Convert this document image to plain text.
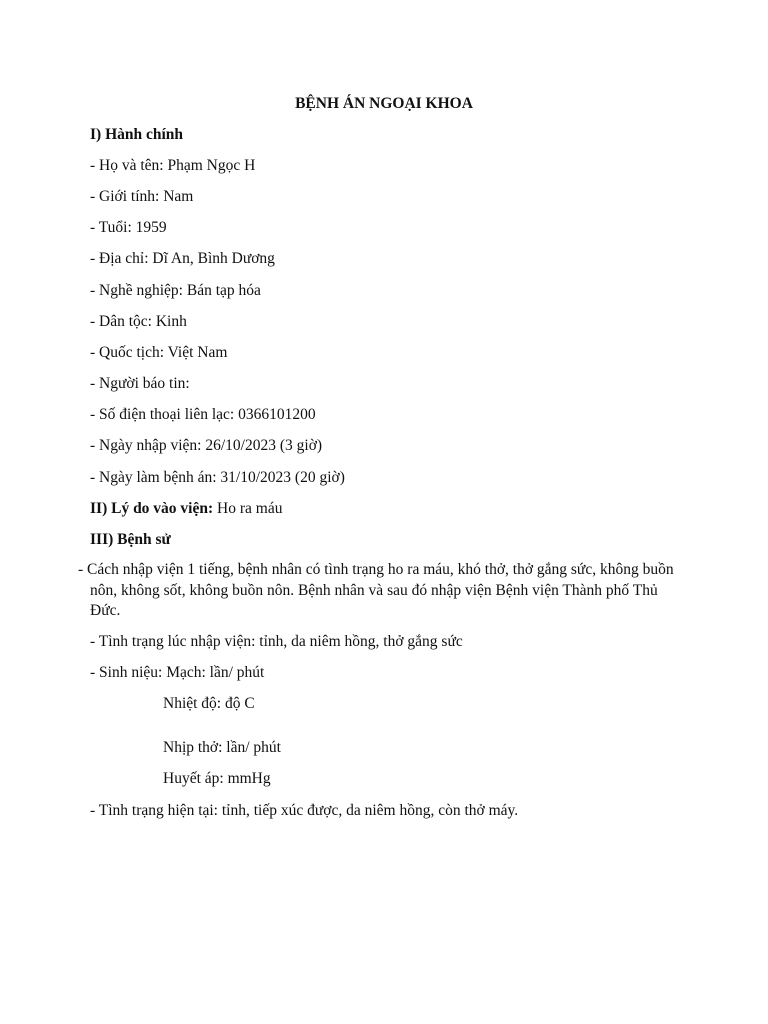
BỆNH ÁN NGOẠI KHOA
I) Hành chính
- Họ và tên: Phạm Ngọc H
- Giới tính: Nam
- Tuổi: 1959
- Địa chỉ: Dĩ An, Bình Dương
- Nghề nghiệp: Bán tạp hóa
- Dân tộc: Kinh
- Quốc tịch: Việt Nam
- Người báo tin:
- Số điện thoại liên lạc: 0366101200
- Ngày nhập viện: 26/10/2023 (3 giờ)
- Ngày làm bệnh án: 31/10/2023 (20 giờ)
II) Lý do vào viện: Ho ra máu
III) Bệnh sử
- Cách nhập viện 1 tiếng, bệnh nhân có tình trạng ho ra máu, khó thở, thở gắng sức, không buồn nôn, không sốt, không buồn nôn. Bệnh nhân và sau đó nhập viện Bệnh viện Thành phố Thủ Đức.
- Tình trạng lúc nhập viện: tỉnh, da niêm hồng, thở gắng sức
- Sinh niệu: Mạch: lần/ phút
Nhiệt độ: độ C
Nhịp thở: lần/ phút
Huyết áp: mmHg
- Tình trạng hiện tại: tỉnh, tiếp xúc được, da niêm hồng, còn thở máy.
